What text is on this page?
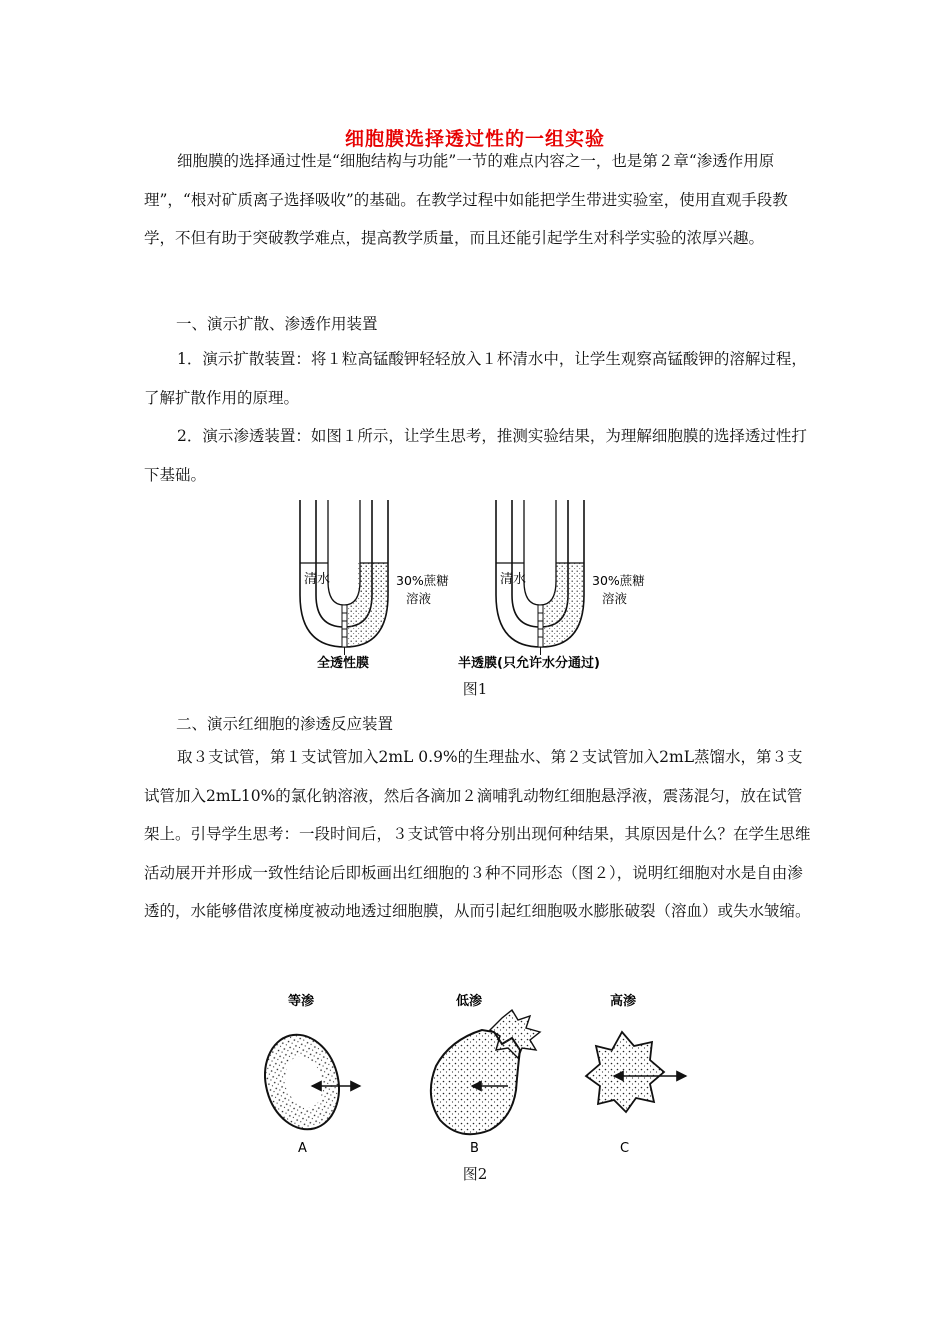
细胞膜选择透过性的一组实验

细胞膜的选择通过性是“细胞结构与功能”一节的难点内容之一，也是第２章“渗透作用原理”，“根对矿质离子选择吸收”的基础。在教学过程中如能把学生带进实验室，使用直观手段教学，不但有助于突破教学难点，提高教学质量，而且还能引起学生对科学实验的浓厚兴趣。

一、演示扩散、渗透作用装置

1．演示扩散装置：将１粒高锰酸钾轻轻放入１杯清水中，让学生观察高锰酸钾的溶解过程，了解扩散作用的原理。

2．演示渗透装置：如图１所示，让学生思考，推测实验结果，为理解细胞膜的选择透过性打下基础。

清水	30%蔗糖
溶液
全透性膜
清水	30%蔗糖
溶液
半透膜(只允许水分通过)
图1
二、演示红细胞的渗透反应装置

取３支试管，第１支试管加入2mL 0.9%的生理盐水、第２支试管加入2mL蒸馏水，第３支试管加入2mL10%的氯化钠溶液，然后各滴加２滴哺乳动物红细胞悬浮液，震荡混匀，放在试管架上。引导学生思考：一段时间后，３支试管中将分别出现何种结果，其原因是什么？在学生思维活动展开并形成一致性结论后即板画出红细胞的３种不同形态（图２），说明红细胞对水是自由渗透的，水能够借浓度梯度被动地透过细胞膜，从而引起红细胞吸水膨胀破裂（溶血）或失水皱缩。

等渗	低渗	高渗
A	B	C
图2
